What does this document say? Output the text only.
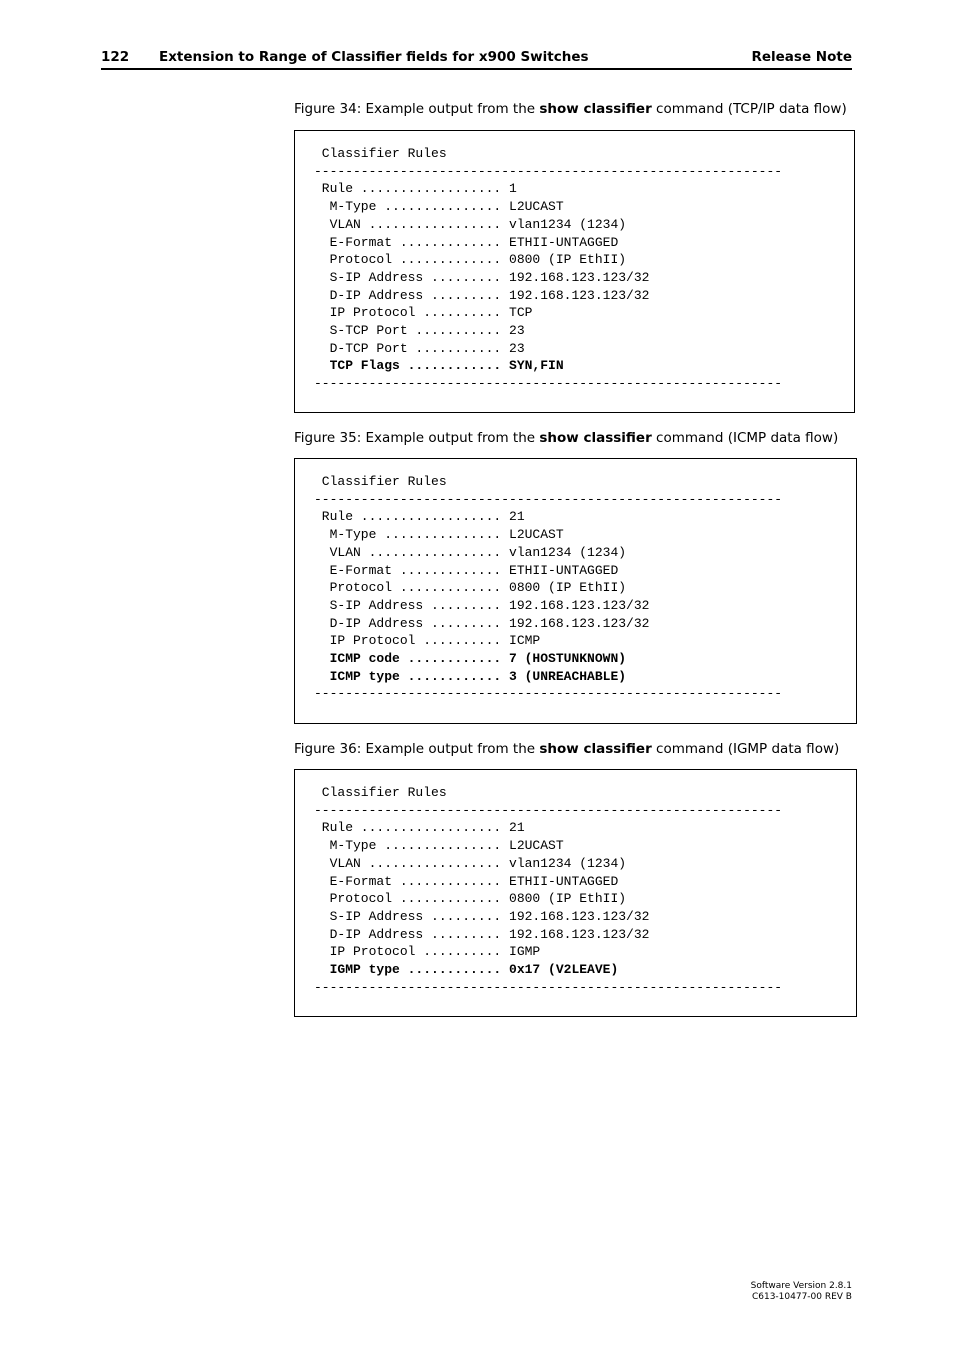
122 Extension to Range of Classifier fields for x900 Switches	Release Note
Figure 34: Example output from the show classifier command (TCP/IP data flow)
Classifier Rules
------------------------------------------------------------
Rule .................. 1
M-Type ............... L2UCAST
VLAN ................. vlan1234 (1234)
E-Format ............. ETHII-UNTAGGED
Protocol ............. 0800 (IP EthII)
S-IP Address ......... 192.168.123.123/32
D-IP Address ......... 192.168.123.123/32
IP Protocol .......... TCP
S-TCP Port ........... 23
D-TCP Port ........... 23
TCP Flags ............ SYN,FIN
------------------------------------------------------------
Figure 35: Example output from the show classifier command (ICMP data flow)
Classifier Rules
------------------------------------------------------------
Rule .................. 21
M-Type ............... L2UCAST
VLAN ................. vlan1234 (1234)
E-Format ............. ETHII-UNTAGGED
Protocol ............. 0800 (IP EthII)
S-IP Address ......... 192.168.123.123/32
D-IP Address ......... 192.168.123.123/32
IP Protocol .......... ICMP
ICMP code ............ 7 (HOSTUNKNOWN)
ICMP type ............ 3 (UNREACHABLE)
------------------------------------------------------------
Figure 36: Example output from the show classifier command (IGMP data flow)
Classifier Rules
------------------------------------------------------------
Rule .................. 21
M-Type ............... L2UCAST
VLAN ................. vlan1234 (1234)
E-Format ............. ETHII-UNTAGGED
Protocol ............. 0800 (IP EthII)
S-IP Address ......... 192.168.123.123/32
D-IP Address ......... 192.168.123.123/32
IP Protocol .......... IGMP
IGMP type ............ 0x17 (V2LEAVE)
------------------------------------------------------------
Software Version 2.8.1
C613-10477-00 REV B
